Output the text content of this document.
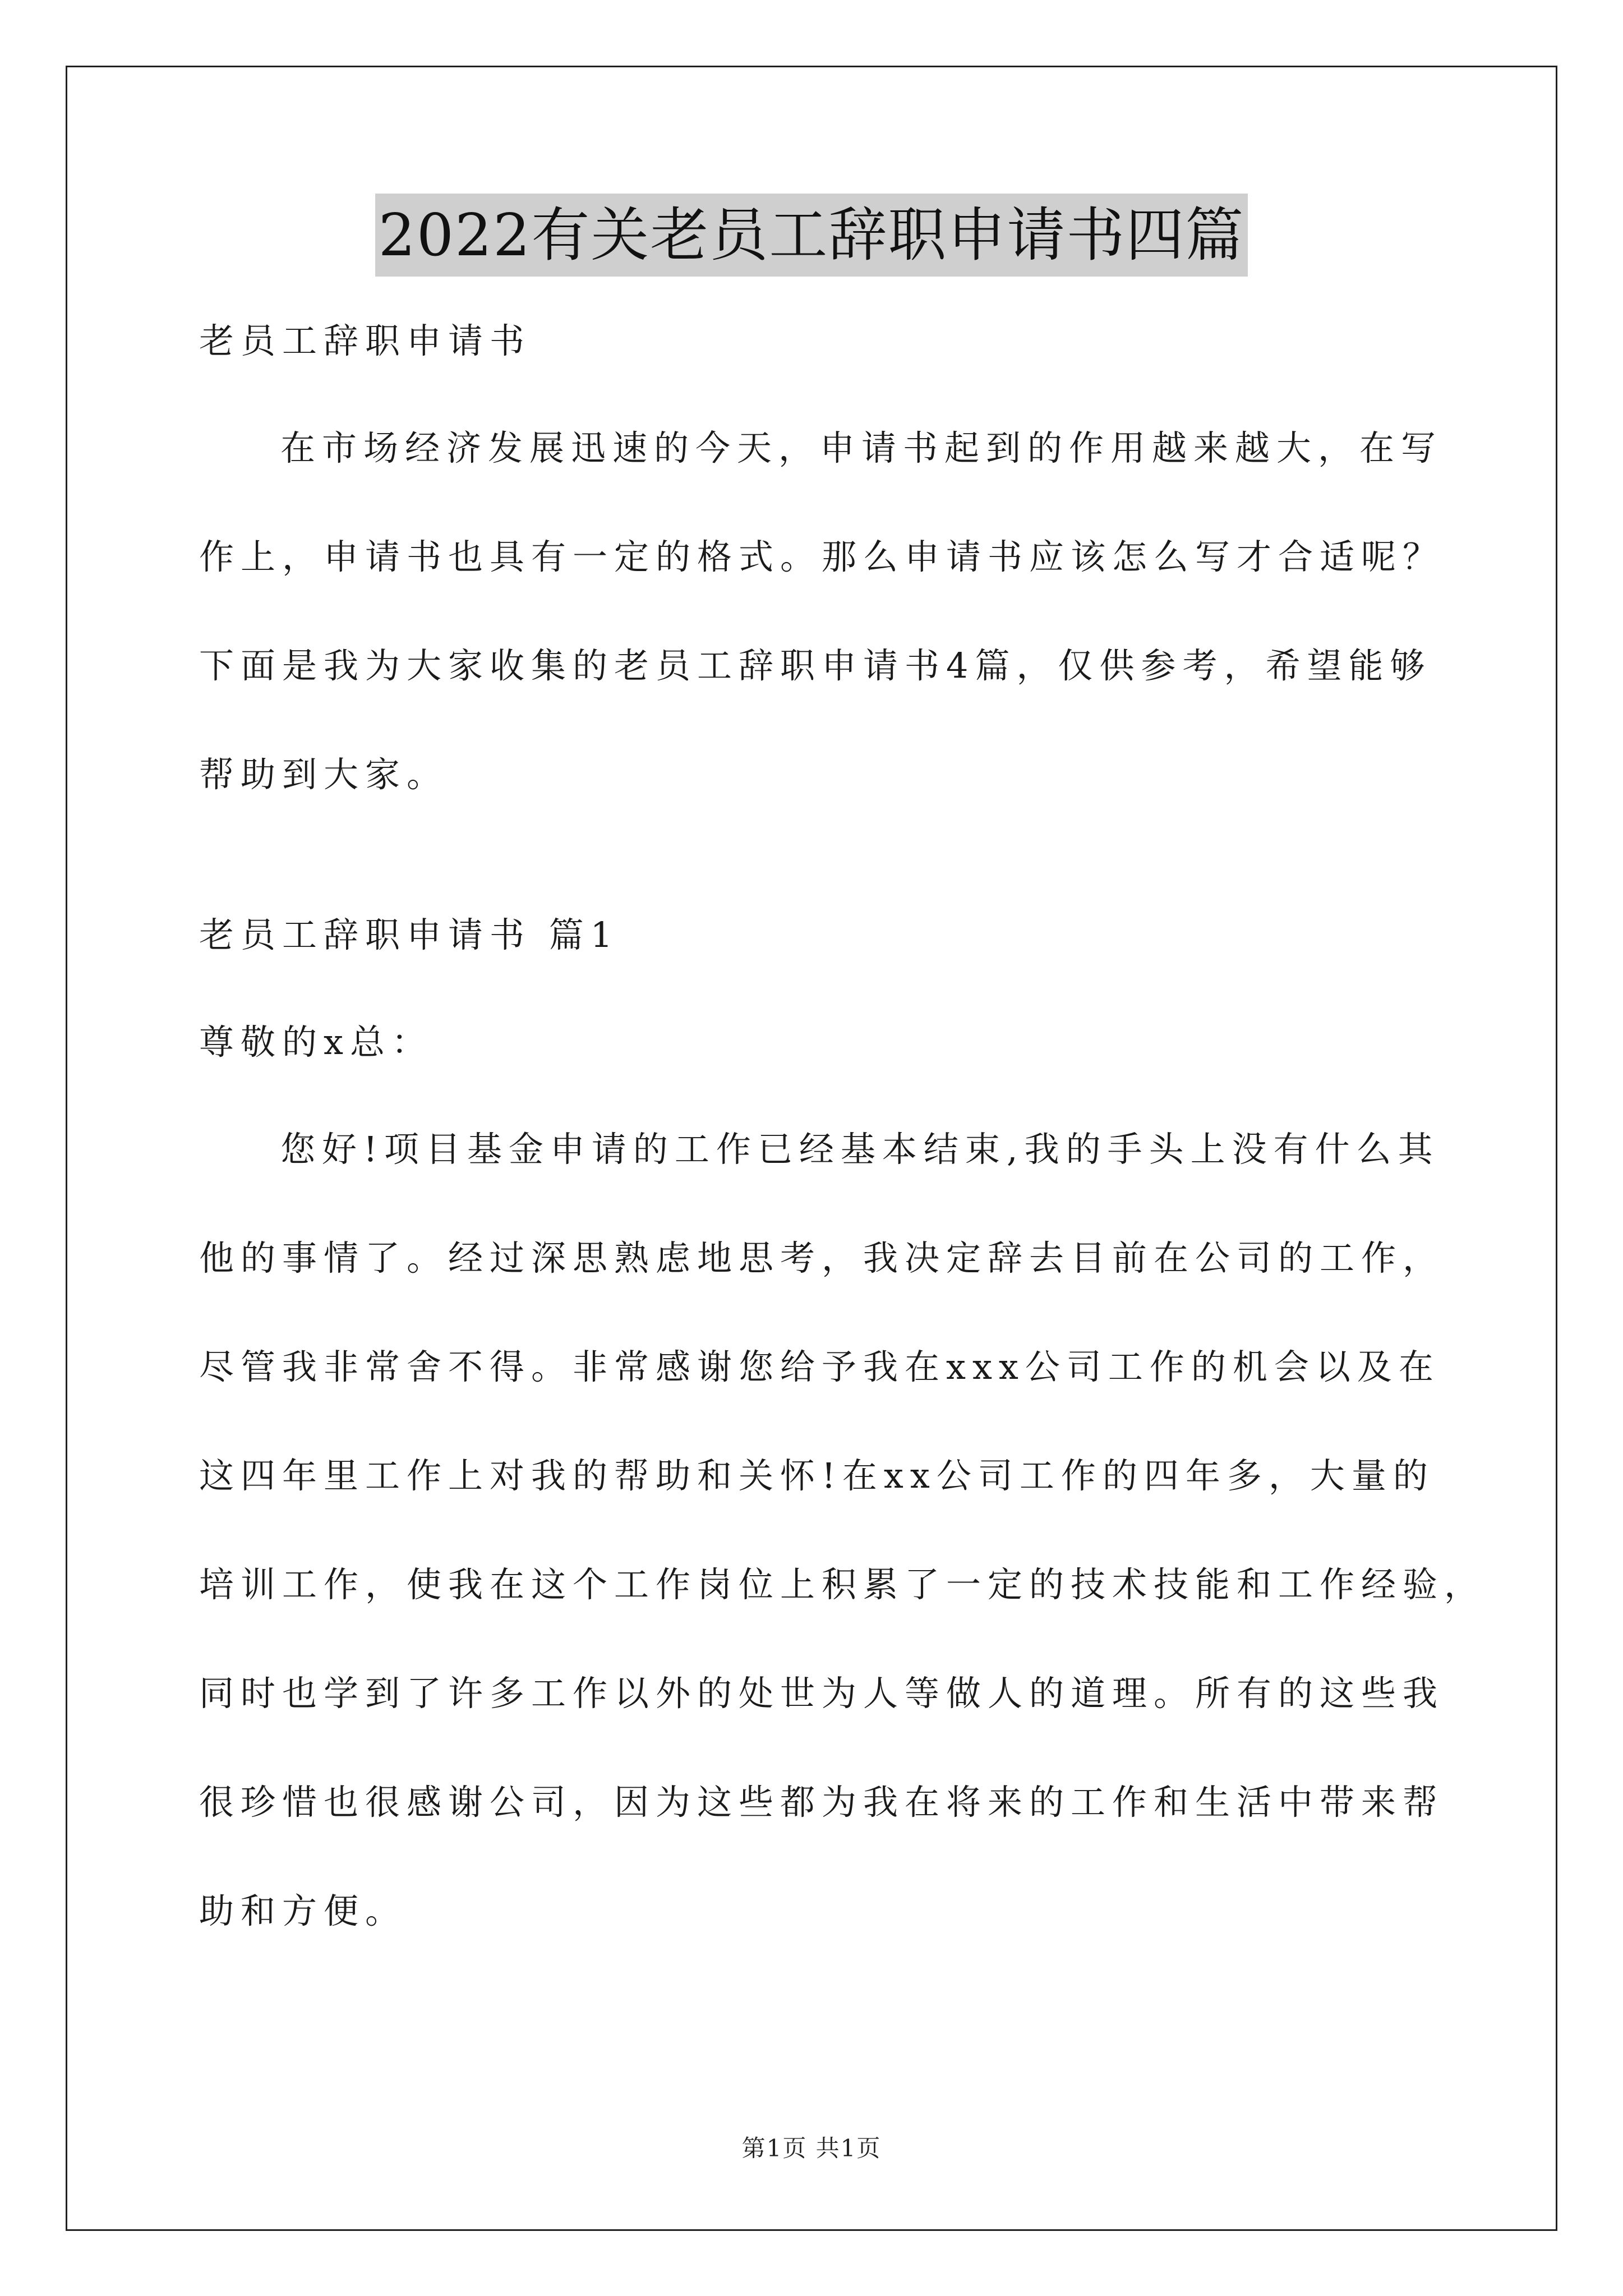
2022有关老员工辞职申请书四篇

老员工辞职申请书

在市场经济发展迅速的今天，申请书起到的作用越来越大，在写

作上，申请书也具有一定的格式。那么申请书应该怎么写才合适呢？

下面是我为大家收集的老员工辞职申请书4篇，仅供参考，希望能够

帮助到大家。

老员工辞职申请书 篇1

尊敬的x总：

您好!项目基金申请的工作已经基本结束,我的手头上没有什么其

他的事情了。经过深思熟虑地思考，我决定辞去目前在公司的工作，

尽管我非常舍不得。非常感谢您给予我在xxx公司工作的机会以及在

这四年里工作上对我的帮助和关怀!在xx公司工作的四年多，大量的

培训工作，使我在这个工作岗位上积累了一定的技术技能和工作经验，

同时也学到了许多工作以外的处世为人等做人的道理。所有的这些我

很珍惜也很感谢公司，因为这些都为我在将来的工作和生活中带来帮

助和方便。

第1页 共1页
